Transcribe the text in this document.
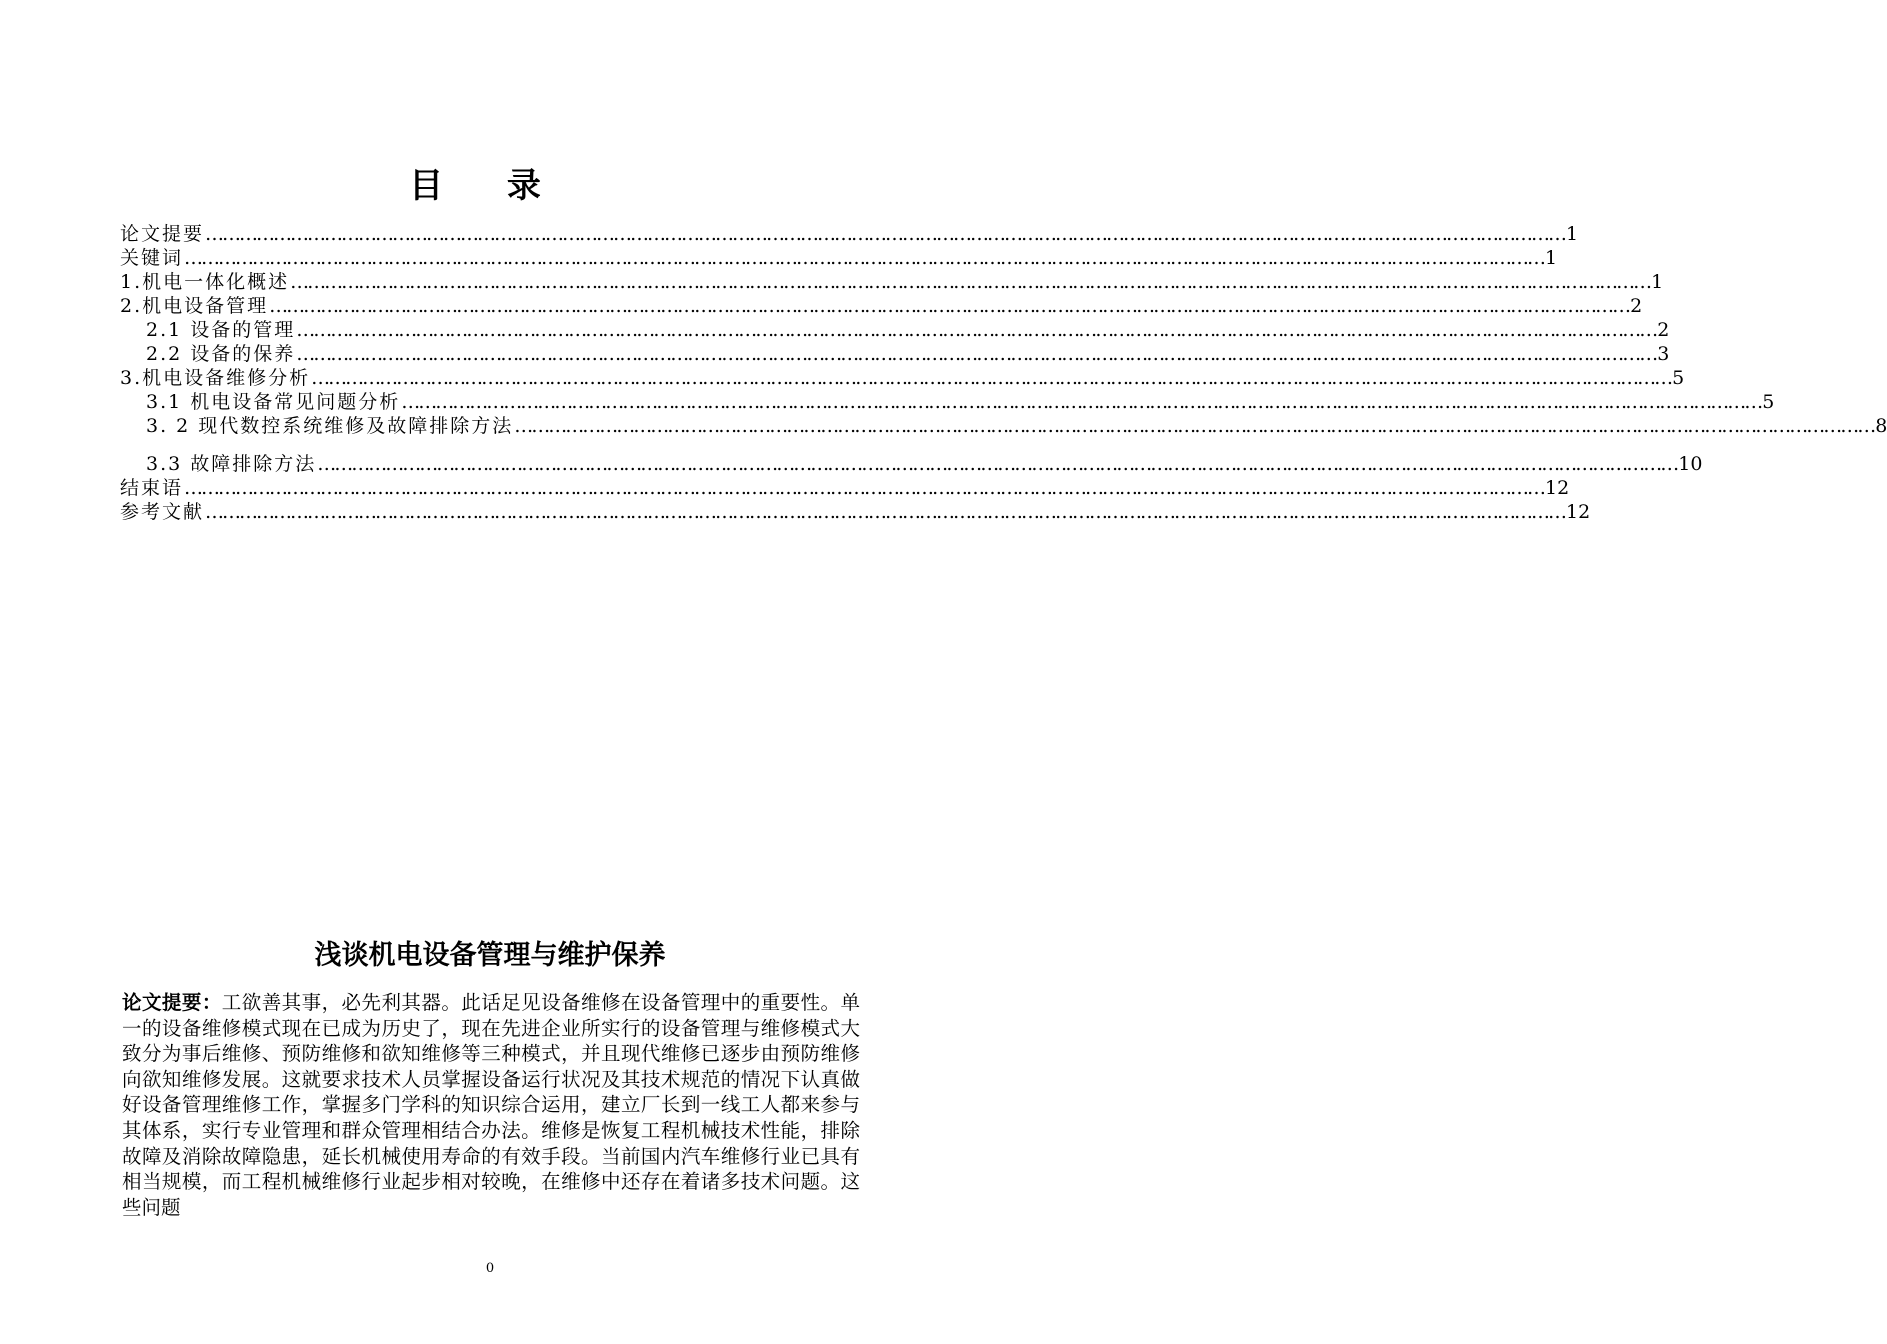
目 录
论文提要 …………………………………………………………………………………………………………………………………………………………………………………………………………………… 1
关键词 …………………………………………………………………………………………………………………………………………………………………………………………………………………… 1
1.机电一体化概述 …………………………………………………………………………………………………………………………………………………………………………………………………………………… 1
2.机电设备管理 …………………………………………………………………………………………………………………………………………………………………………………………………………………… 2
2.1 设备的管理 …………………………………………………………………………………………………………………………………………………………………………………………………………………… 2
2.2 设备的保养 …………………………………………………………………………………………………………………………………………………………………………………………………………………… 3
3.机电设备维修分析 …………………………………………………………………………………………………………………………………………………………………………………………………………………… 5
3.1 机电设备常见问题分析 …………………………………………………………………………………………………………………………………………………………………………………………………………………… 5
3. 2 现代数控系统维修及故障排除方法 …………………………………………………………………………………………………………………………………………………………………………………………………………………… 8
3.3 故障排除方法 …………………………………………………………………………………………………………………………………………………………………………………………………………………… 10
结束语 …………………………………………………………………………………………………………………………………………………………………………………………………………………… 12
参考文献 …………………………………………………………………………………………………………………………………………………………………………………………………………………… 12
浅谈机电设备管理与维护保养
论文提要：工欲善其事，必先利其器。此话足见设备维修在设备管理中的重要性。单一的设备维修模式现在已成为历史了，现在先进企业所实行的设备管理与维修模式大致分为事后维修、预防维修和欲知维修等三种模式，并且现代维修已逐步由预防维修向欲知维修发展。这就要求技术人员掌握设备运行状况及其技术规范的情况下认真做好设备管理维修工作，掌握多门学科的知识综合运用，建立厂长到一线工人都来参与其体系，实行专业管理和群众管理相结合办法。维修是恢复工程机械技术性能，排除故障及消除故障隐患，延长机械使用寿命的有效手段。当前国内汽车维修行业已具有相当规模，而工程机械维修行业起步相对较晚，在维修中还存在着诸多技术问题。这些问题
0
